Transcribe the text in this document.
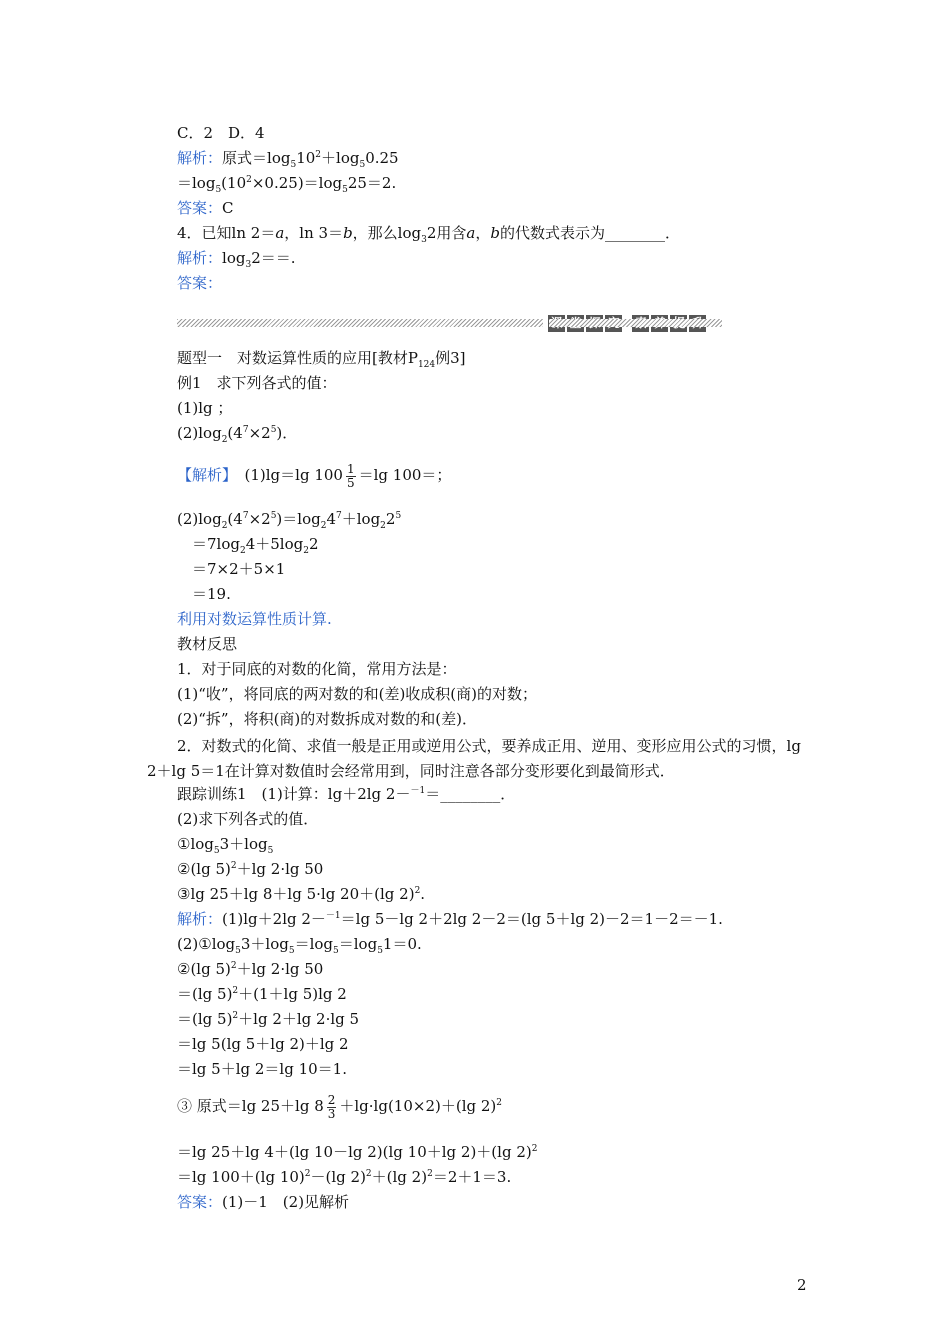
C．2　D．4
解析：原式$=\log_510^2+\log_50.25$
$=\log_5(10^2\times 0.25)=\log_525=2$.
答案：C
4．已知ln 2＝a，ln 3＝b，那么$\log_32$用含a，b的代数式表示为________．
解析：$\log_32==$.
答案：
题型一　对数运算性质的应用[教材$P_{124}$例3]
例1　求下列各式的值：
(1)lg ；
$(2)\log_2(4^7\times 2^5)$．
【解析】　(1)lg＝lg $100 \frac{1}{5} =\lg$ 100＝；
$(2)\log_2(4^7\times 2^5)=\log_24^7+\log_22^5$
　$=7\log_24+5\log_22$
　＝7×2＋5×1
　＝19.
利用对数运算性质计算.
教材反思
1．对于同底的对数的化简，常用方法是：
(1)“收”，将同底的两对数的和(差)收成积(商)的对数；
(2)“拆”，将积(商)的对数拆成对数的和(差)．
2．对数式的化简、求值一般是正用或逆用公式，要养成正用、逆用、变形应用公式的习惯，lg 2＋lg 5＝1在计算对数值时会经常用到，同时注意各部分变形要化到最简形式．
跟踪训练1　(1)计算：lg＋2lg 2－$^{-1}$＝________．
(2)求下列各式的值．
$①\log_53+\log_5$
②(lg 5)$^2$＋lg 2·lg 50
③lg 25＋lg 8＋lg 5·lg 20＋(lg 2)$^2$.
解析：(1)lg＋2lg 2－$^{-1}$＝lg 5－lg 2＋2lg 2－2＝(lg 5＋lg 2)－2＝1－2＝－1.
$(2)①\log_53+\log_5=\log_5=\log_51=0$.
②(lg 5)$^2$＋lg 2·lg 50
＝(lg 5)$^2$＋(1＋lg 5)lg 2
＝(lg 5)$^2$＋lg 2＋lg 2·lg 5
＝lg 5(lg 5＋lg 2)＋lg 2
＝lg 5＋lg 2＝lg 10＝1.
③ 原式＝lg 25＋lg $8 \frac{2}{3} +\lg\cdot\lg(10\times 2)+(\lg$ 2)$^2$
＝lg 25＋lg 4＋(lg 10－lg 2)(lg 10＋lg 2)＋(lg 2)$^2$
＝lg 100＋(lg 10)$^2$－(lg 2)$^2$＋(lg 2)$^2$＝2＋1＝3.
答案：(1)－1　(2)见解析
2
